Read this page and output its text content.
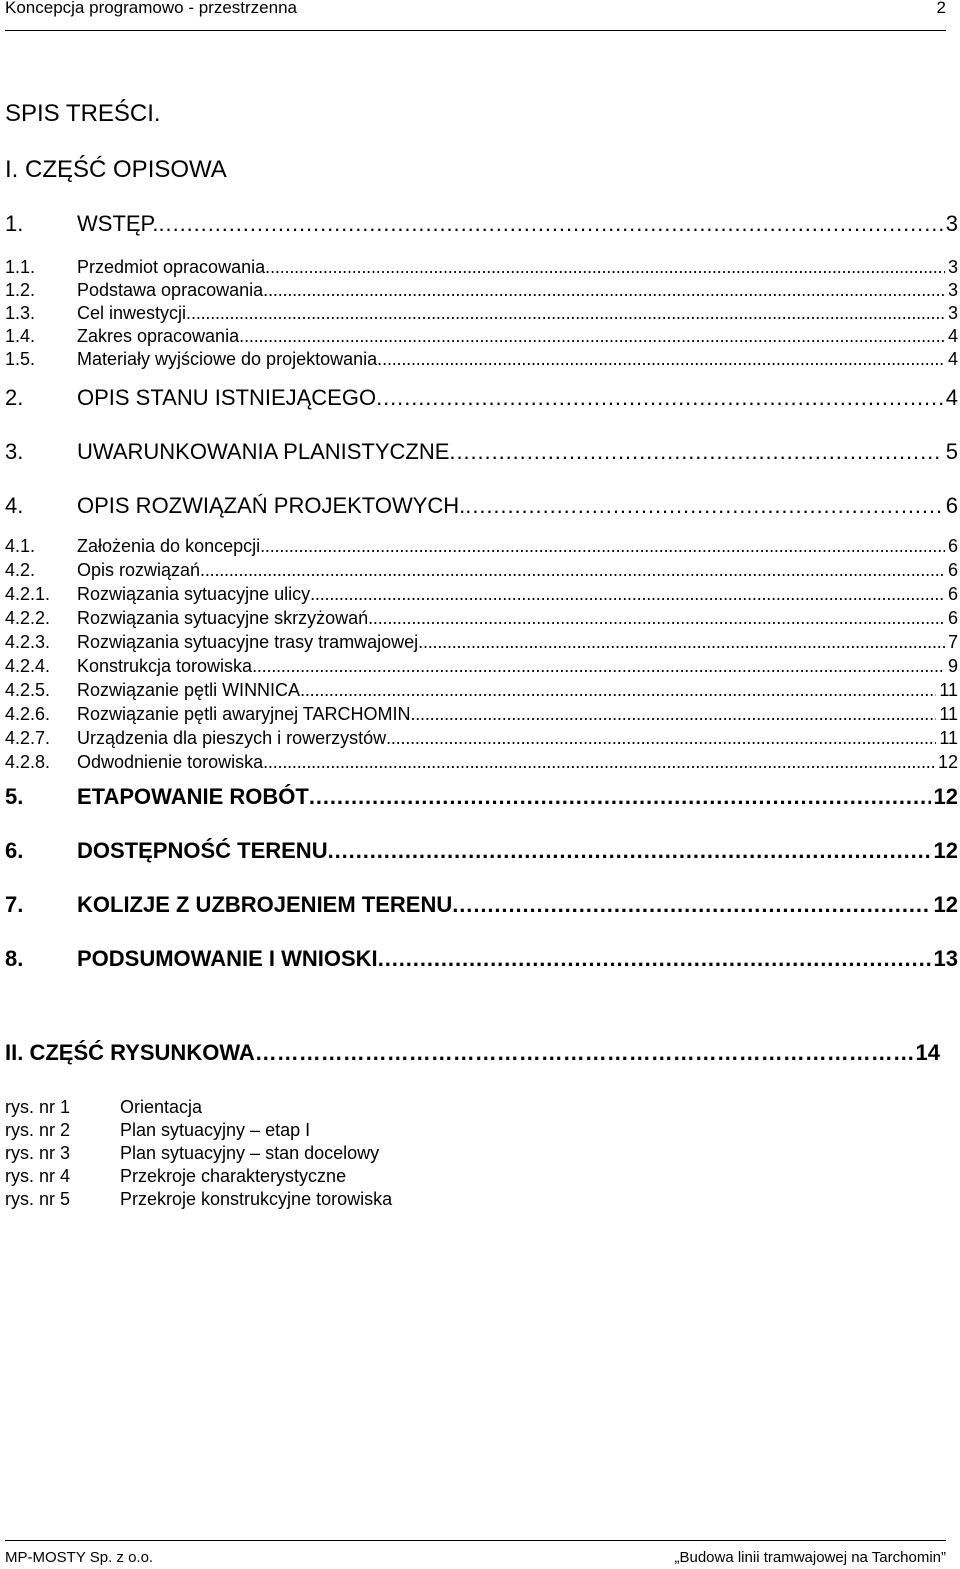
Koncepcja programowo - przestrzenna	2
SPIS TREŚCI.
I. CZĘŚĆ OPISOWA
1.	WSTĘP. . . .	3
1.1.	Przedmiot opracowania. . . .	3
1.2.	Podstawa opracowania. . . .	3
1.3.	Cel inwestycji. . . .	3
1.4.	Zakres opracowania. . . .	4
1.5.	Materiały wyjściowe do projektowania. . . .	4
2.	OPIS STANU ISTNIEJĄCEGO . . .	4
3.	UWARUNKOWANIA PLANISTYCZNE . . .	5
4.	OPIS ROZWIĄZAŃ PROJEKTOWYCH. . . .	6
4.1.	Założenia do koncepcji . . .	6
4.2.	Opis rozwiązań . . .	6
4.2.1.	Rozwiązania sytuacyjne ulicy . . .	6
4.2.2.	Rozwiązania sytuacyjne skrzyżowań . . .	6
4.2.3.	Rozwiązania sytuacyjne trasy tramwajowej . . .	7
4.2.4.	Konstrukcja torowiska . . .	9
4.2.5.	Rozwiązanie pętli WINNICA . . .	11
4.2.6.	Rozwiązanie pętli awaryjnej TARCHOMIN . . .	11
4.2.7.	Urządzenia dla pieszych i rowerzystów . . .	11
4.2.8.	Odwodnienie torowiska . . .	12
5.	ETAPOWANIE ROBÓT . . .	12
6.	DOSTĘPNOŚĆ TERENU . . .	12
7.	KOLIZJE Z UZBROJENIEM TERENU . . .	12
8.	PODSUMOWANIE I WNIOSKI . . .	13
II. CZĘŚĆ RYSUNKOWA ……………………………………………………………………………………………………………………………………	14
rys. nr 1	Orientacja
rys. nr 2	Plan sytuacyjny – etap I
rys. nr 3	Plan sytuacyjny – stan docelowy
rys. nr 4	Przekroje charakterystyczne
rys. nr 5	Przekroje konstrukcyjne torowiska
MP-MOSTY Sp. z o.o.	„Budowa linii tramwajowej na Tarchomin”
